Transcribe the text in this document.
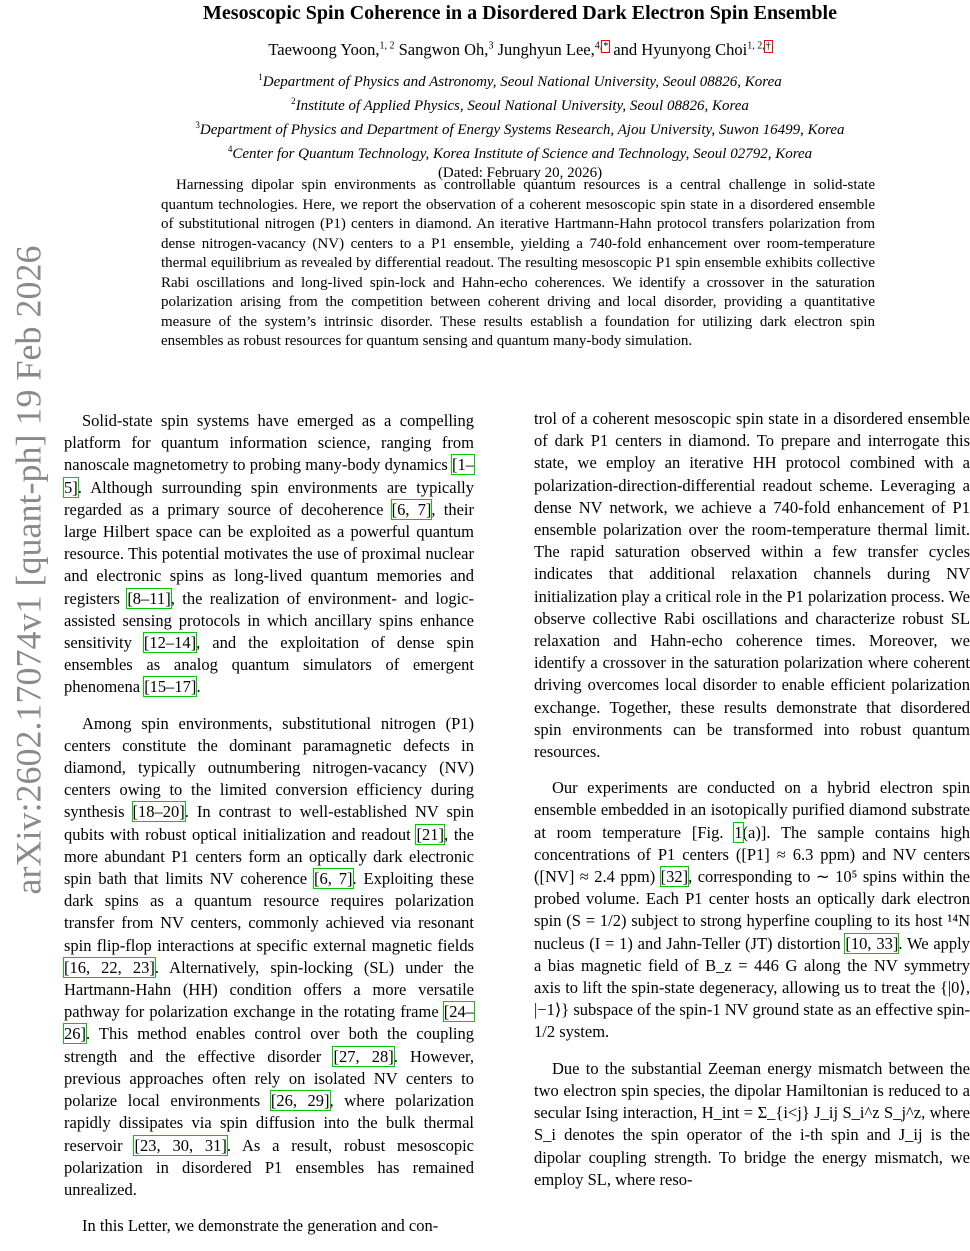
arXiv:2602.17074v1 [quant-ph] 19 Feb 2026
Mesoscopic Spin Coherence in a Disordered Dark Electron Spin Ensemble
Taewoong Yoon,$^{1, 2}$ Sangwon Oh,$^3$ Junghyun Lee,$^{4,*}$ and Hyunyong Choi$^{1, 2,\dagger}$
$^1$Department of Physics and Astronomy, Seoul National University, Seoul 08826, Korea
$^2$Institute of Applied Physics, Seoul National University, Seoul 08826, Korea
$^3$Department of Physics and Department of Energy Systems Research, Ajou University, Suwon 16499, Korea
$^4$Center for Quantum Technology, Korea Institute of Science and Technology, Seoul 02792, Korea
(Dated: February 20, 2026)

Harnessing dipolar spin environments as controllable quantum resources is a central challenge in solid-state quantum technologies. Here, we report the observation of a coherent mesoscopic spin state in a disordered ensemble of substitutional nitrogen (P1) centers in diamond. An iterative Hartmann-Hahn protocol transfers polarization from dense nitrogen-vacancy (NV) centers to a P1 ensemble, yielding a 740-fold enhancement over room-temperature thermal equilibrium as revealed by differential readout. The resulting mesoscopic P1 spin ensemble exhibits collective Rabi oscillations and long-lived spin-lock and Hahn-echo coherences. We identify a crossover in the saturation polarization arising from the competition between coherent driving and local disorder, providing a quantitative measure of the system’s intrinsic disorder. These results establish a foundation for utilizing dark electron spin ensembles as robust resources for quantum sensing and quantum many-body simulation.

Solid-state spin systems have emerged as a compelling platform for quantum information science, ranging from nanoscale magnetometry to probing many-body dynamics [1–5]. Although surrounding spin environments are typically regarded as a primary source of decoherence [6, 7], their large Hilbert space can be exploited as a powerful quantum resource. This potential motivates the use of proximal nuclear and electronic spins as long-lived quantum memories and registers [8–11], the realization of environment- and logic-assisted sensing protocols in which ancillary spins enhance sensitivity [12–14], and the exploitation of dense spin ensembles as analog quantum simulators of emergent phenomena [15–17].

Among spin environments, substitutional nitrogen (P1) centers constitute the dominant paramagnetic defects in diamond, typically outnumbering nitrogen-vacancy (NV) centers owing to the limited conversion efficiency during synthesis [18–20]. In contrast to well-established NV spin qubits with robust optical initialization and readout [21], the more abundant P1 centers form an optically dark electronic spin bath that limits NV coherence [6, 7]. Exploiting these dark spins as a quantum resource requires polarization transfer from NV centers, commonly achieved via resonant spin flip-flop interactions at specific external magnetic fields [16, 22, 23]. Alternatively, spin-locking (SL) under the Hartmann-Hahn (HH) condition offers a more versatile pathway for polarization exchange in the rotating frame [24–26]. This method enables control over both the coupling strength and the effective disorder [27, 28]. However, previous approaches often rely on isolated NV centers to polarize local environments [26, 29], where polarization rapidly dissipates via spin diffusion into the bulk thermal reservoir [23, 30, 31]. As a result, robust mesoscopic polarization in disordered P1 ensembles has remained unrealized.

In this Letter, we demonstrate the generation and con-

trol of a coherent mesoscopic spin state in a disordered ensemble of dark P1 centers in diamond. To prepare and interrogate this state, we employ an iterative HH protocol combined with a polarization-direction-differential readout scheme. Leveraging a dense NV network, we achieve a 740-fold enhancement of P1 ensemble polarization over the room-temperature thermal limit. The rapid saturation observed within a few transfer cycles indicates that additional relaxation channels during NV initialization play a critical role in the P1 polarization process. We observe collective Rabi oscillations and characterize robust SL relaxation and Hahn-echo coherence times. Moreover, we identify a crossover in the saturation polarization where coherent driving overcomes local disorder to enable efficient polarization exchange. Together, these results demonstrate that disordered spin environments can be transformed into robust quantum resources.

Our experiments are conducted on a hybrid electron spin ensemble embedded in an isotopically purified diamond substrate at room temperature [Fig. 1(a)]. The sample contains high concentrations of P1 centers ([P1] ≈ 6.3 ppm) and NV centers ([NV] ≈ 2.4 ppm) [32], corresponding to ∼ 10⁵ spins within the probed volume. Each P1 center hosts an optically dark electron spin (S = 1/2) subject to strong hyperfine coupling to its host ¹⁴N nucleus (I = 1) and Jahn-Teller (JT) distortion [10, 33]. We apply a bias magnetic field of B_z = 446 G along the NV symmetry axis to lift the spin-state degeneracy, allowing us to treat the {|0⟩, |−1⟩} subspace of the spin-1 NV ground state as an effective spin-1/2 system.

Due to the substantial Zeeman energy mismatch between the two electron spin species, the dipolar Hamiltonian is reduced to a secular Ising interaction, H_int = Σ_{i<j} J_ij S_i^z S_j^z, where S_i denotes the spin operator of the i-th spin and J_ij is the dipolar coupling strength. To bridge the energy mismatch, we employ SL, where reso-
